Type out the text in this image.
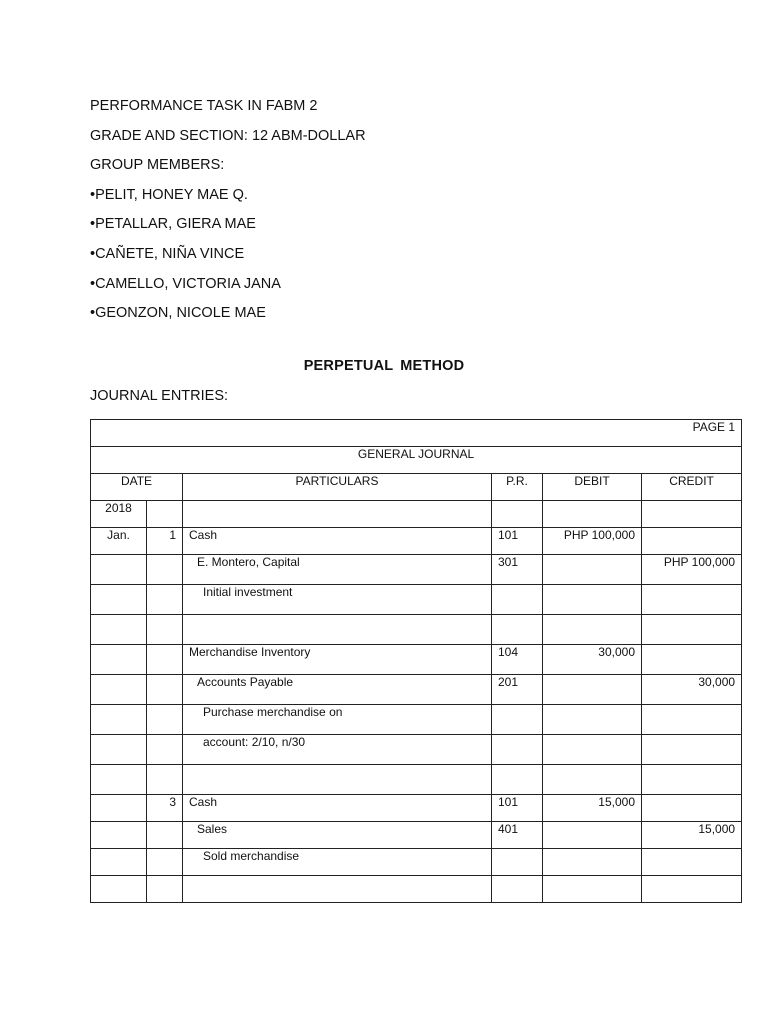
PERFORMANCE TASK IN FABM 2
GRADE AND SECTION: 12 ABM-DOLLAR
GROUP MEMBERS:
•PELIT, HONEY MAE Q.
•PETALLAR, GIERA MAE
•CAÑETE, NIÑA VINCE
•CAMELLO, VICTORIA JANA
•GEONZON, NICOLE MAE
PERPETUAL METHOD
JOURNAL ENTRIES:
PAGE 1					
GENERAL JOURNAL					
DATE		PARTICULARS	P.R.	DEBIT	CREDIT
2018					
Jan.	1	Cash	101	PHP 100,000	
		E. Montero, Capital	301		PHP 100,000
		Initial investment			

		Merchandise Inventory	104	30,000	
		Accounts Payable	201		30,000
		Purchase merchandise on			
		account: 2/10, n/30			

	3	Cash	101	15,000	
		Sales	401		15,000
		Sold merchandise			
